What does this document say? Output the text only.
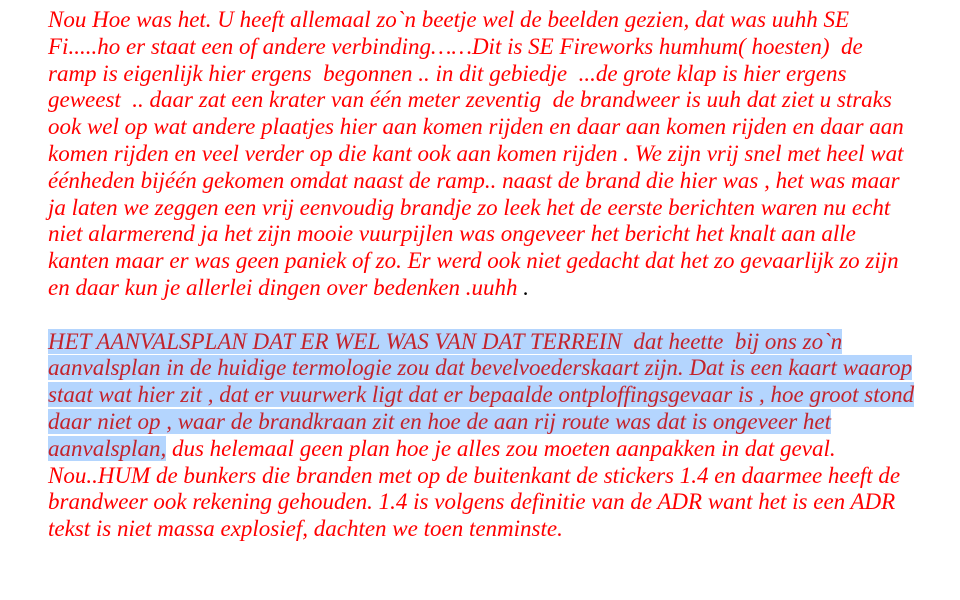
Nou Hoe was het. U heeft allemaal zo`n beetje wel de beelden gezien, dat was uuhh SE
Fi.....ho er staat een of andere verbinding……Dit is SE Fireworks humhum( hoesten)  de
ramp is eigenlijk hier ergens  begonnen .. in dit gebiedje  ...de grote klap is hier ergens
geweest  .. daar zat een krater van één meter zeventig  de brandweer is uuh dat ziet u straks
ook wel op wat andere plaatjes hier aan komen rijden en daar aan komen rijden en daar aan
komen rijden en veel verder op die kant ook aan komen rijden . We zijn vrij snel met heel wat
éénheden bijéén gekomen omdat naast de ramp.. naast de brand die hier was , het was maar
ja laten we zeggen een vrij eenvoudig brandje zo leek het de eerste berichten waren nu echt
niet alarmerend ja het zijn mooie vuurpijlen was ongeveer het bericht het knalt aan alle
kanten maar er was geen paniek of zo. Er werd ook niet gedacht dat het zo gevaarlijk zo zijn
en daar kun je allerlei dingen over bedenken .uuhh .
HET AANVALSPLAN DAT ER WEL WAS VAN DAT TERREIN  dat heette  bij ons zo`n
aanvalsplan in de huidige termologie zou dat bevelvoederskaart zijn. Dat is een kaart waarop
staat wat hier zit , dat er vuurwerk ligt dat er bepaalde ontploffingsgevaar is , hoe groot stond
daar niet op , waar de brandkraan zit en hoe de aan rij route was dat is ongeveer het
aanvalsplan, dus helemaal geen plan hoe je alles zou moeten aanpakken in dat geval.
Nou..HUM de bunkers die branden met op de buitenkant de stickers 1.4 en daarmee heeft de
brandweer ook rekening gehouden. 1.4 is volgens definitie van de ADR want het is een ADR
tekst is niet massa explosief, dachten we toen tenminste.
